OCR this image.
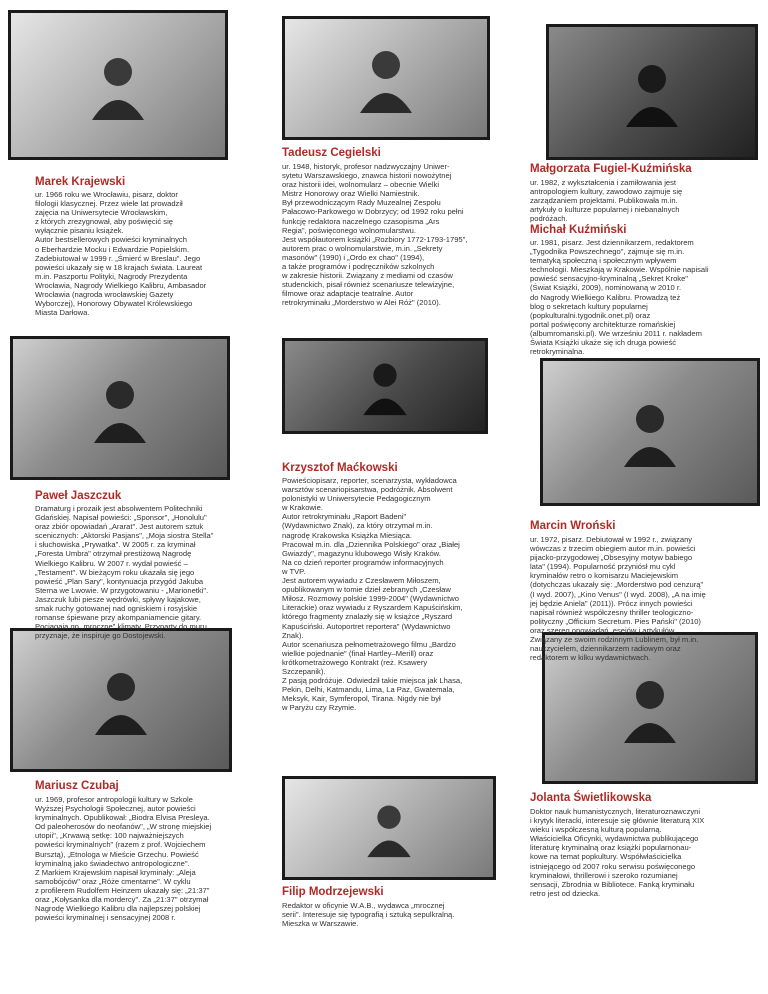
Marek Krajewski
ur. 1966 roku we Wrocławiu, pisarz, doktor
filologii klasycznej. Przez wiele lat prowadził
zajęcia na Uniwersytecie Wrocławskim,
z których zrezygnował, aby poświęcić się
wyłącznie pisaniu książek.
Autor bestsellerowych powieści kryminalnych
o Eberhardzie Mocku i Edwardzie Popielskim.
Zadebiutował w 1999 r. „Śmierć w Breslau". Jego
powieści ukazały się w 18 krajach świata. Laureat
m.in. Paszportu Polityki, Nagrody Prezydenta
Wrocławia, Nagrody Wielkiego Kalibru, Ambasador
Wrocławia (nagroda wrocławskiej Gazety
Wyborczej), Honorowy Obywatel Królewskiego
Miasta Darłowa.
Tadeusz Cegielski
ur. 1948, historyk, profesor nadzwyczajny Uniwer-
sytetu Warszawskiego, znawca historii nowożytnej
oraz historii idei, wolnomularz – obecnie Wielki
Mistrz Honorowy oraz Wielki Namiestnik.
Był przewodniczącym Rady Muzealnej Zespołu
Pałacowo-Parkowego w Dobrzycy; od 1992 roku pełni
funkcję redaktora naczelnego czasopisma „Ars
Regia", poświęconego wolnomularstwu.
Jest współautorem książki „Rozbiory 1772-1793-1795",
autorem prac o wolnomularstwie, m.in. „Sekrety
masonów" (1990) i „Ordo ex chao" (1994),
a także programów i podręczników szkolnych
w zakresie historii. Związany z mediami od czasów
studenckich, pisał również scenariusze telewizyjne,
filmowe oraz adaptacje teatralne. Autor
retrokryminału „Morderstwo w Alei Róż" (2010).
Małgorzata Fugiel-Kuźmińska
ur. 1982, z wykształcenia i zamiłowania jest
antropologiem kultury, zawodowo zajmuje się
zarządzaniem projektami. Publikowała m.in.
artykuły o kulturze popularnej i niebanalnych
podróżach.
Michał Kuźmiński
ur. 1981, pisarz. Jest dziennikarzem, redaktorem
„Tygodnika Powszechnego", zajmuje się m.in.
tematyką społeczną i społecznym wpływem
technologii. Mieszkają w Krakowie. Wspólnie napisali
powieść sensacyjno-kryminalną „Sekret Kroke"
(Świat Książki, 2009), nominowaną w 2010 r.
do Nagrody Wielkiego Kalibru. Prowadzą też
blog o sekretach kultury popularnej
(popkulturalni.tygodnik.onet.pl) oraz
portal poświęcony architekturze romańskiej
(albumromanski.pl). We wrześniu 2011 r. nakładem
Świata Książki ukaże się ich druga powieść
retrokryminalna.
Paweł Jaszczuk
Dramaturg i prozaik jest absolwentem Politechniki
Gdańskiej. Napisał powieści: „Sponsor", „Honolulu"
oraz zbiór opowiadań „Ararat". Jest autorem sztuk
scenicznych: „Aktorski Pasjans", „Moja siostra Stella"
i słuchowiska „Prywatka". W 2005 r. za kryminał
„Foresta Umbra" otrzymał prestiżową Nagrodę
Wielkiego Kalibru. W 2007 r. wydał powieść –
„Testament". W bieżącym roku ukazała się jego
powieść „Plan Sary", kontynuacja przygód Jakuba
Sterna we Lwowie. W przygotowaniu - „Marionetki".
Jaszczuk lubi piesze wędrówki, spływy kajakowe,
smak ruchy gotowanej nad ogniskiem i rosyjskie
romanse śpiewane przy akompaniamencie gitary.
Pociągają go „mroczne" klimaty. Przyparty do muru
przyznaje, że inspiruje go Dostojewski.
Krzysztof Maćkowski
Powieściopisarz, reporter, scenarzysta, wykładowca
warsztów scenariopisarstwa, podróżnik. Absolwent
polonistyki w Uniwersytecie Pedagogicznym
w Krakowie.
Autor retrokryminału „Raport Badeni"
(Wydawnictwo Znak), za który otrzymał m.in.
nagrodę Krakowska Książka Miesiąca.
Pracował m.in. dla „Dziennika Polskiego" oraz „Białej
Gwiazdy", magazynu klubowego Wisły Kraków.
Na co dzień reporter programów informacyjnych
w TVP.
Jest autorem wywiadu z Czesławem Miłoszem,
opublikowanym w tomie dzieł zebranych „Czesław
Miłosz. Rozmowy polskie 1999-2004" (Wydawnictwo
Literackie) oraz wywiadu z Ryszardem Kapuścińskim,
którego fragmenty znalazły się w książce „Ryszard
Kapuściński. Autoportret reportera" (Wydawnictwo
Znak).
Autor scenariusza pełnometrażowego filmu „Bardzo
wielkie pojednanie" (finał Hartley–Merill) oraz
krótkometrażowego Kontrakt (reż. Ksawery
Szczepanik).
Z pasją podróżuje. Odwiedził takie miejsca jak Lhasa,
Pekin, Delhi, Katmandu, Lima, La Paz, Gwatemala,
Meksyk, Kair, Symferopol, Tirana. Nigdy nie był
w Paryżu czy Rzymie.
Marcin Wroński
ur. 1972, pisarz. Debiutował w 1992 r., związany
wówczas z trzecim obiegiem autor m.in. powieści
pijacko-przygodowej „Obsesyjny motyw babiego
lata" (1994). Popularność przyniósł mu cykl
kryminałów retro o komisarzu Maciejewskim
(dotychczas ukazały się: „Morderstwo pod cenzurą"
(I wyd. 2007), „Kino Venus" (I wyd. 2008), „A na imię
jej będzie Aniela" (2011)). Prócz innych powieści
napisał również współczesny thriller teologiczno-
polityczny „Officium Secretum. Pies Pański" (2010)
oraz szereg opowiadań, esejów i artykułów.
Związany ze swoim rodzinnym Lublinem, był m.in.
nauczycielem, dziennikarzem radiowym oraz
redaktorem w kilku wydawnictwach.
Mariusz Czubaj
ur. 1969, profesor antropologii kultury w Szkole
Wyższej Psychologii Społecznej, autor powieści
kryminalnych. Opublikował: „Biodra Elvisa Presleya.
Od paleoherosów do neofanów", „W stronę miejskiej
utopii", „Krwawą setkę: 100 najważniejszych
powieści kryminalnych" (razem z prof. Wojciechem
Bursztą), „Etnologa w Mieście Grzechu. Powieść
kryminalną jako świadectwo antropologiczne".
Z Markiem Krajewskim napisał kryminały: „Aleja
samobójców" oraz „Róże cmentarne". W cyklu
z profilerem Rudolfem Heinzem ukazały się: „21:37"
oraz „Kołysanka dla mordercy". Za „21:37" otrzymał
Nagrodę Wielkiego Kalibru dla najlepszej polskiej
powieści kryminalnej i sensacyjnej 2008 r.
Filip Modrzejewski
Redaktor w oficynie W.A.B., wydawca „mrocznej
serii". Interesuje się typografią i sztuką sepulkralną.
Mieszka w Warszawie.
Jolanta Świetlikowska
Doktor nauk humanistycznych, literaturoznawczyni
i krytyk literacki, interesuje się głównie literaturą XIX
wieku i współczesną kulturą popularną.
Właścicielka Oficynki, wydawnictwa publikującego
literaturę kryminalną oraz książki popularnonau-
kowe na temat popkultury. Współwłaścicielka
istniejącego od 2007 roku serwisu poświęconego
kryminałowi, thrillerowi i szeroko rozumianej
sensacji, Zbrodnia w Bibliotece. Fanką kryminału
retro jest od dziecka.
